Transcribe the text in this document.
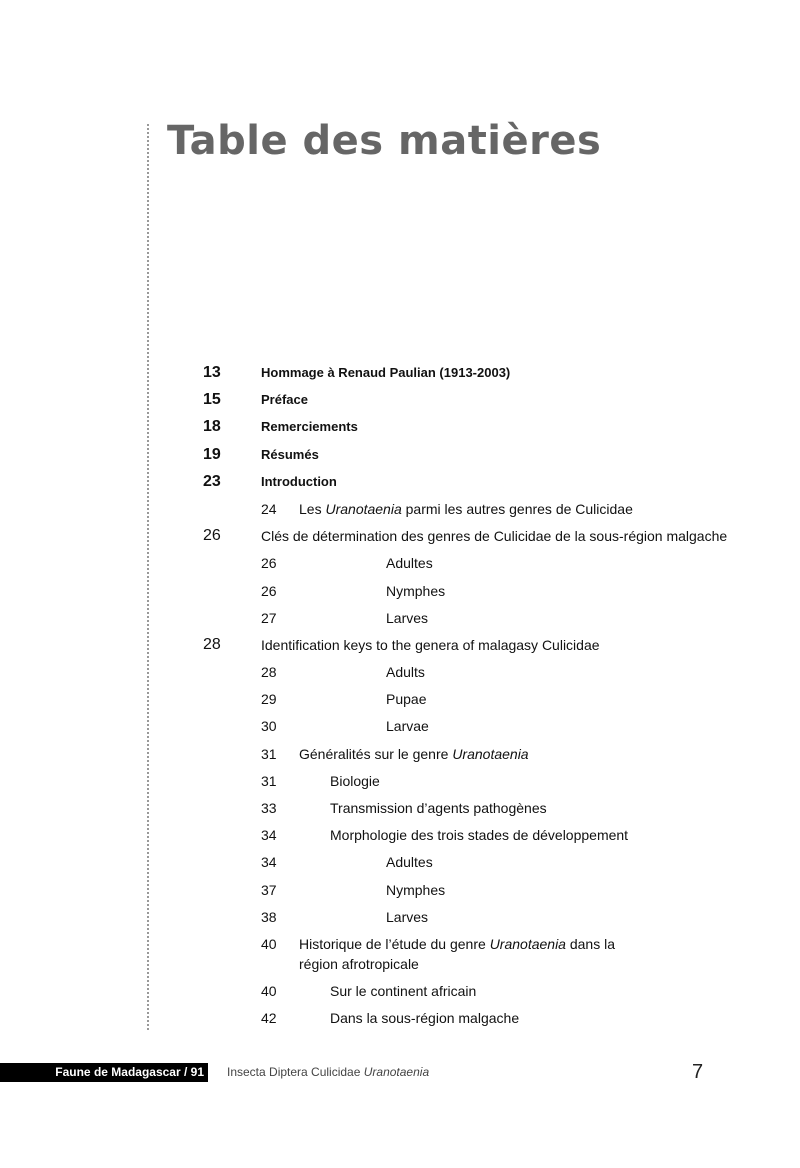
Table des matières
13	Hommage à Renaud Paulian (1913-2003)
15	Préface
18	Remerciements
19	Résumés
23	Introduction
24 Les Uranotaenia parmi les autres genres de Culicidae
26	Clés de détermination des genres de Culicidae de la sous-région malgache
26	Adultes
26	Nymphes
27	Larves
28	Identification keys to the genera of malagasy Culicidae
28	Adults
29	Pupae
30	Larvae
31 Généralités sur le genre Uranotaenia
31	Biologie
33	Transmission d’agents pathogènes
34	Morphologie des trois stades de développement
34	Adultes
37	Nymphes
38	Larves
40 Historique de l’étude du genre Uranotaenia dans la région afrotropicale
40	Sur le continent africain
42	Dans la sous-région malgache
Faune de Madagascar / 91	Insecta Diptera Culicidae Uranotaenia	7
